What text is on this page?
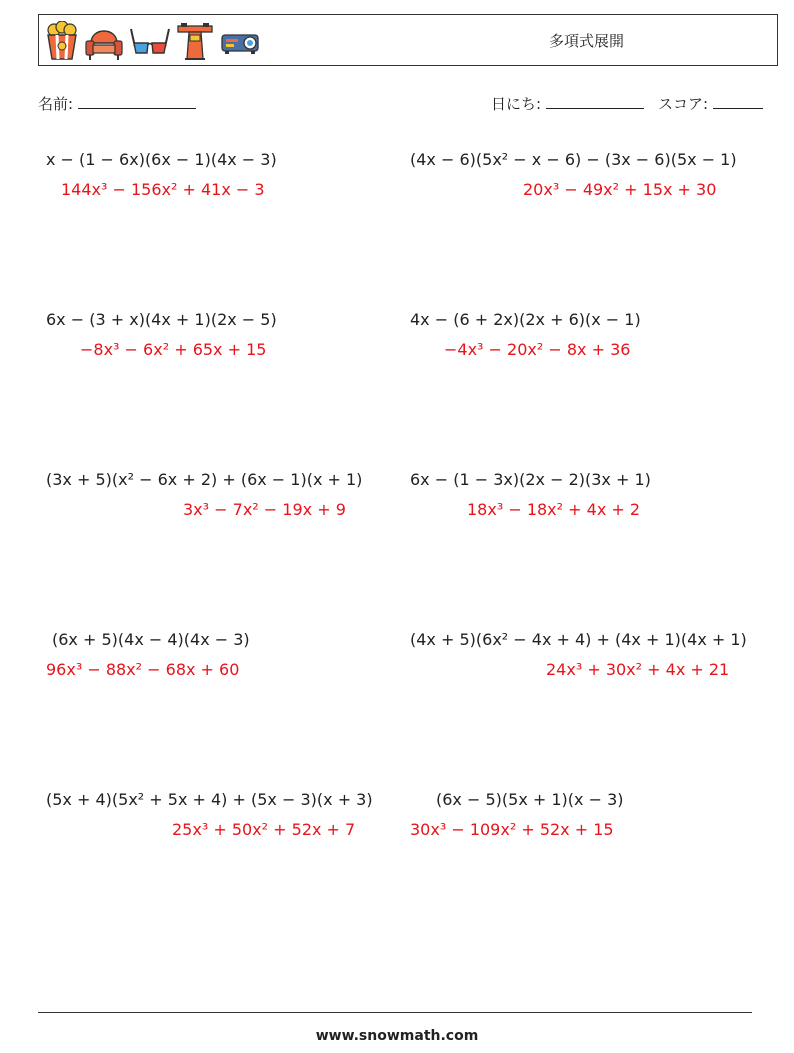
多項式展開
名前:	日にち:	スコア:
x − (1 − 6x)(6x − 1)(4x − 3)
144x³ − 156x² + 41x − 3
(4x − 6)(5x² − x − 6) − (3x − 6)(5x − 1)
20x³ − 49x² + 15x + 30
6x − (3 + x)(4x + 1)(2x − 5)
−8x³ − 6x² + 65x + 15
4x − (6 + 2x)(2x + 6)(x − 1)
−4x³ − 20x² − 8x + 36
(3x + 5)(x² − 6x + 2) + (6x − 1)(x + 1)
3x³ − 7x² − 19x + 9
6x − (1 − 3x)(2x − 2)(3x + 1)
18x³ − 18x² + 4x + 2
(6x + 5)(4x − 4)(4x − 3)
96x³ − 88x² − 68x + 60
(4x + 5)(6x² − 4x + 4) + (4x + 1)(4x + 1)
24x³ + 30x² + 4x + 21
(5x + 4)(5x² + 5x + 4) + (5x − 3)(x + 3)
25x³ + 50x² + 52x + 7
(6x − 5)(5x + 1)(x − 3)
30x³ − 109x² + 52x + 15
www.snowmath.com
